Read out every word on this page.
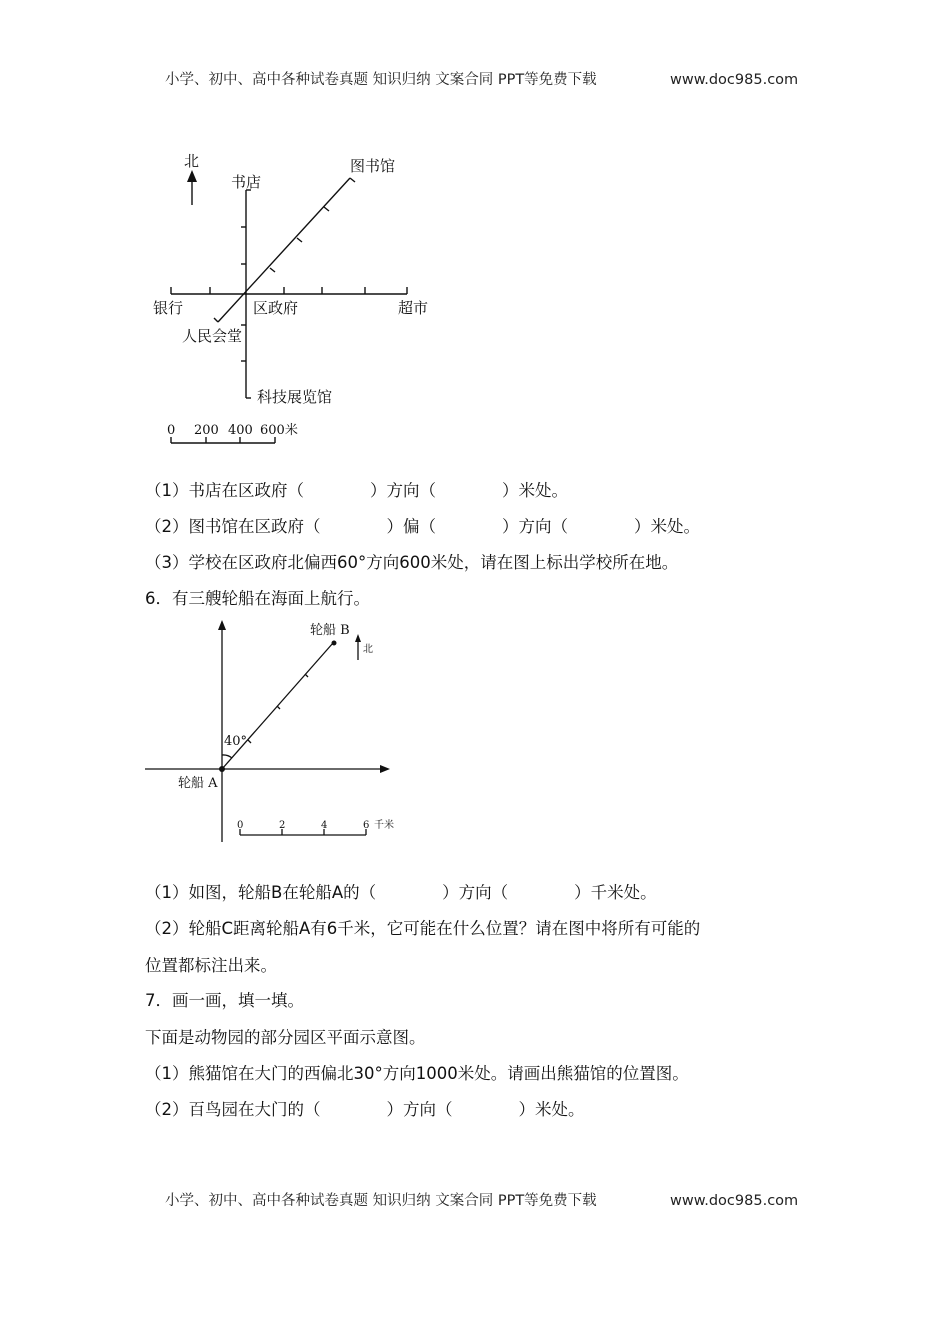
小学、初中、高中各种试卷真题 知识归纳 文案合同 PPT等免费下载	www.doc985.com
北
书店
图书馆
银行	区政府	超市
人民会堂
科技展览馆
0 200 400 600米
（1）书店在区政府（　　　　）方向（　　　　）米处。
（2）图书馆在区政府（　　　　）偏（　　　　）方向（　　　　）米处。
（3）学校在区政府北偏西60°方向600米处，请在图上标出学校所在地。
6．有三艘轮船在海面上航行。
轮船 B
轮船 A
北
40°
0	2	4	6 千米
（1）如图，轮船B在轮船A的（　　　　）方向（　　　　）千米处。
（2）轮船C距离轮船A有6千米，它可能在什么位置？请在图中将所有可能的
位置都标注出来。
7．画一画，填一填。
下面是动物园的部分园区平面示意图。
（1）熊猫馆在大门的西偏北30°方向1000米处。请画出熊猫馆的位置图。
（2）百鸟园在大门的（　　　　）方向（　　　　）米处。
小学、初中、高中各种试卷真题 知识归纳 文案合同 PPT等免费下载	www.doc985.com
